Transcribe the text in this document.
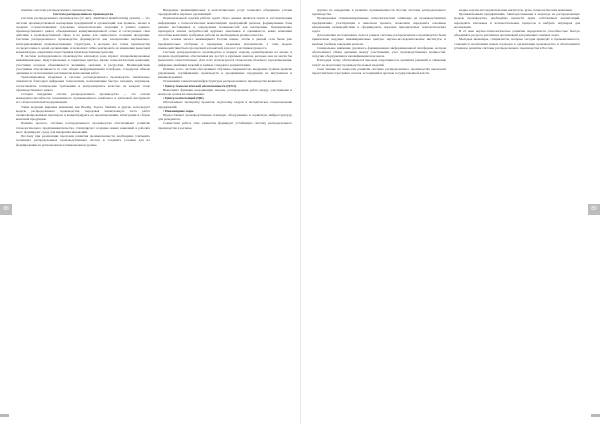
понятие «система распределенного производства».

Система распределенного производства

Система распределенного производства (от англ. distributed manufacturing system) — это система производственной кооперации предприятий и организаций, как правило, малых и средних, осуществляющих отдельные технологические операции в рамках единого производственного цикла, объединенных коммуникационной сетью и согласующих свои действия в производственной сфере и на рынке для совместного создания продукции. Системы распределенного производства формируются как альтернатива вертикально-интегрированным производственным структурам, в которых все этапы производства сосредоточены в одной организации, и позволяют гибко реагировать на изменения рыночной конъюнктуры, оперативно перестраивая производственные цепочки.

В системе распределенного производства ключевую роль играют специализированные инжиниринговые, индустриальные и сервисные центры, малые технологические компании, участники которых обмениваются знаниями, заказами и ресурсами. Взаимодействие участников обеспечивается за счет общих информационных платформ, стандартов обмена данными и согласованных регламентов выполнения работ.

Трансакционные издержки в системе распределенного производства значительно снижаются благодаря цифровым технологиям, позволяющим быстро находить партнеров, согласовывать технические требования и контролировать качество на каждом этапе производственного цикла.

Сегодня внедрение систем распределенного производства — это основа конкурентоспособности современного промышленного комплекса и ключевой инструмент его технологической модернизации.

Такие ведущие мировые компании, как Boeing, Toyota, Siemens и другие, используют модель распределенного производства, передавая значительную часть работ специализированным партнерам и концентрируясь на проектировании, интеграции и сборке конечной продукции.

Помимо прочего, системы распределенного производства обеспечивают развитие технологического предпринимательства, стимулируют создание новых компаний и рабочих мест, формируют среду для внедрения инноваций.

Поэтому при реализации программ развития промышленности необходимо учитывать потенциал распределенных производственных систем и создавать условия для их формирования на региональном и национальном уровне.

Внедрение инжиниринговых и консалтинговых услуг позволяет объединить усилия предприятий и научных организаций.

Первоначальной задачей работы групп сбора данных является поиск и систематизация информации о технологических компетенциях предприятий региона, формирование базы данных поставщиков и определение возможностей для кооперации. Одновременно проводится анализ потребностей крупных заказчиков и оценивается, какие компании способны выполнять требуемые работы на необходимом уровне качества.

Для основы малого инжиниринга России важно, чтобы в данной сети были уже предварительно отобраны и проверены надежные исполнители, а сама модель взаимодействия была прозрачной и понятной для всех участников процесса.

Система распределенного производства в первую очередь ориентирована на малые и средние предприятия, обеспечивая им доступ к крупным заказам, которые они не могли бы выполнить самостоятельно. Для этого используются технологии облачного проектирования, цифровые двойники изделий и единые стандарты документации.

Помимо этого, система обеспечивает обучение специалистов, внедрение лучших практик управления, сертификацию производств и продвижение продукции на внутреннем и внешнем рынках.

Основными элементами инфраструктуры распределенного производства являются:

• Центр технологической обеспеченности (ЦТО).

Выполняет функции координации заказов, распределения работ между участниками и контроля сроков их выполнения.

• Центр компетенций (ЦК).

Обеспечивает экспертизу проектов, подготовку кадров и методическое сопровождение предприятий.

• Инжиниринг-парк.

Предоставляет производственные площади, оборудование и сервисную инфраструктуру для резидентов.

Совместная работа этих элементов формирует устойчивую систему распределенного производства в регионе.

88

группы по внедрению в развитие промышленности России системы распределенного производства.

Проведенные специализированные технологические семинары на производственных предприятиях, участвующих в пилотном проекте, позволили определить основные направления взаимодействия и сформировать перечень приоритетных технологических задач.

Для решения поставленных задач в рамках системы распределенного производства были привлечены ведущие инжиниринговые центры, научно-исследовательские институты и высшие учебные заведения региона.

Специальное внимание уделялось формированию информационной платформы, которая обеспечивает обмен данными между участниками, учет производственных мощностей, загрузки оборудования и квалификации персонала.

Благодаря этому обеспечивается высокая оперативность принятия решений и снижение затрат на подготовку производства новых изделий.

Своё мнение по вопросам развития системы распределенного производства высказали представители отраслевых союзов, ассоциаций и органов государственной власти.

кадры, научно-исследовательские институты, вузы, технологические компании.

Промышленным предприятиям, заинтересованным в переходе на распределенную модель производства, необходимо провести аудит собственных компетенций, определить ключевые и вспомогательные процессы и выбрать партнеров для кооперации.

В 21 веке научно-технологическое развитие определяется способностью быстро объединять ресурсы различных организаций для решения сложных задач.

Молодые инженеры, специалисты, которые сегодня приходят в промышленность, становятся носителями новых подходов к организации производства и обеспечивают успешное развитие системы распределенного производства в России.

89
